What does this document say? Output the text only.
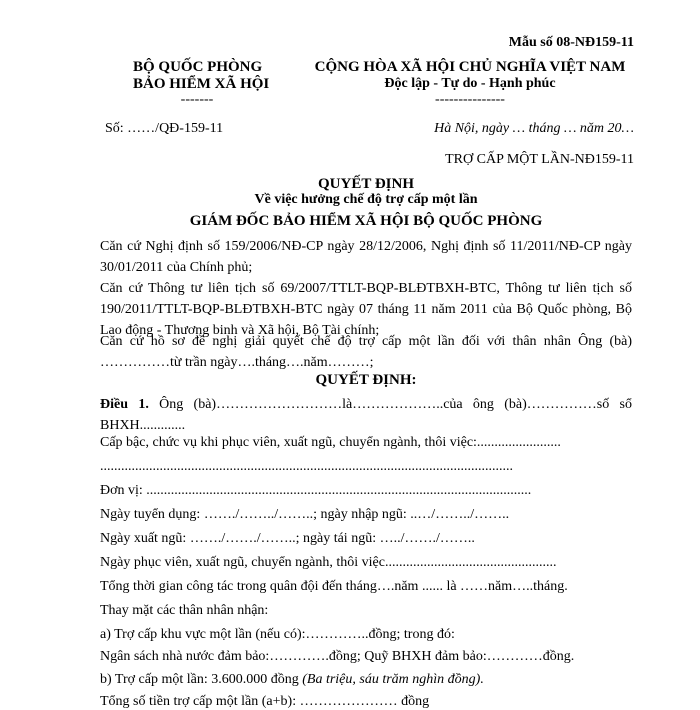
Mẫu số 08-NĐ159-11
BỘ QUỐC PHÒNG
BẢO HIỂM XÃ HỘI
-------
CỘNG HÒA XÃ HỘI CHỦ NGHĨA VIỆT NAM
Độc lập - Tự do - Hạnh phúc
---------------
Số: ……/QĐ-159-11	Hà Nội, ngày … tháng … năm 20…
TRỢ CẤP MỘT LẦN-NĐ159-11
QUYẾT ĐỊNH
Về việc hưởng chế độ trợ cấp một lần
GIÁM ĐỐC BẢO HIỂM XÃ HỘI BỘ QUỐC PHÒNG
Căn cứ Nghị định số 159/2006/NĐ-CP ngày 28/12/2006, Nghị định số 11/2011/NĐ-CP ngày 30/01/2011 của Chính phủ;
Căn cứ Thông tư liên tịch số 69/2007/TTLT-BQP-BLĐTBXH-BTC, Thông tư liên tịch số 190/2011/TTLT-BQP-BLĐTBXH-BTC ngày 07 tháng 11 năm 2011 của Bộ Quốc phòng, Bộ Lao động - Thương binh và Xã hội, Bộ Tài chính;
Căn cứ hồ sơ đề nghị giải quyết chế độ trợ cấp một lần đối với thân nhân Ông (bà) ……………từ trần ngày….tháng….năm………;
QUYẾT ĐỊNH:
Điều 1. Ông (bà)………………………là………………..của ông (bà)……………số sổ BHXH.............
Cấp bậc, chức vụ khi phục viên, xuất ngũ, chuyển ngành, thôi việc:........................
......................................................................................................................
Đơn vị: ..............................................................................................................
Ngày tuyển dụng: ……./……../……..; ngày nhập ngũ: ..…/……../……..
Ngày xuất ngũ: ……./……./……..; ngày tái ngũ: …../……./……..
Ngày phục viên, xuất ngũ, chuyển ngành, thôi việc.................................................
Tổng thời gian công tác trong quân đội đến tháng….năm ...... là ……năm…..tháng.
Thay mặt các thân nhân nhận:
a) Trợ cấp khu vực một lần (nếu có):…………..đồng; trong đó:
Ngân sách nhà nước đảm bảo:………….đồng; Quỹ BHXH đảm bảo:…………đồng.
b) Trợ cấp một lần: 3.600.000 đồng (Ba triệu, sáu trăm nghìn đồng).
Tổng số tiền trợ cấp một lần (a+b): ………………… đồng
